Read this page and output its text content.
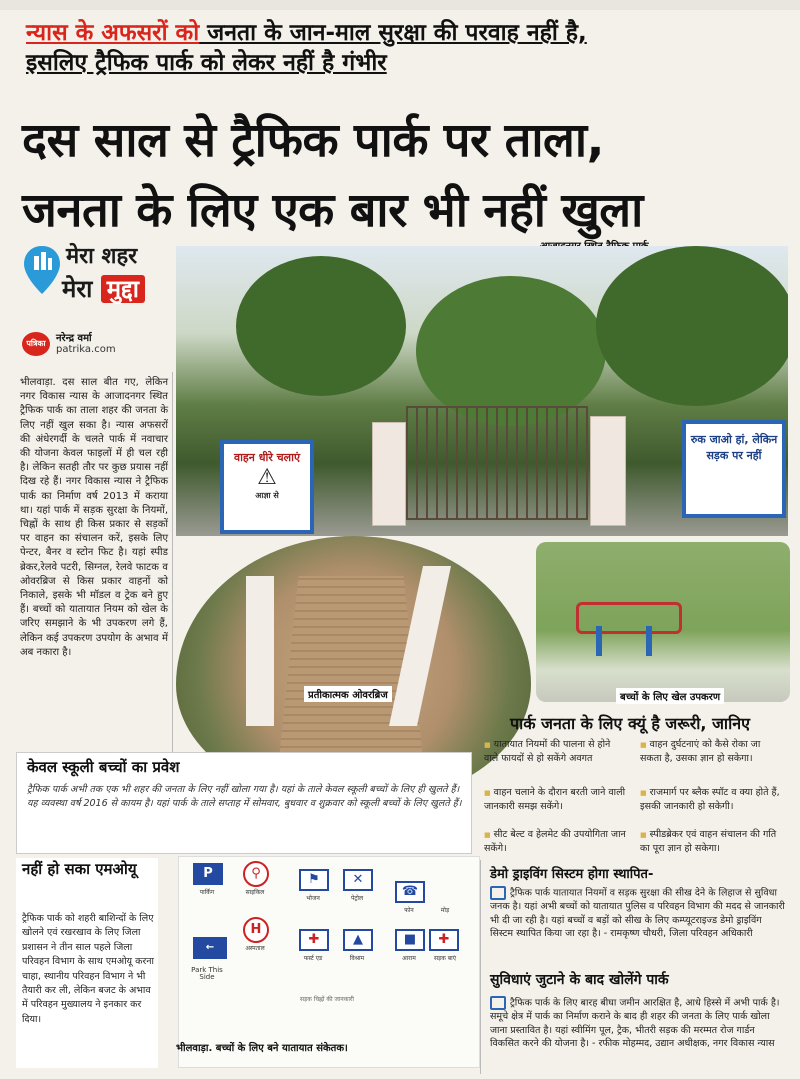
न्यास के अफसरों को जनता के जान-माल सुरक्षा की परवाह नहीं है,
इसलिए ट्रैफिक पार्क को लेकर नहीं है गंभीर
दस साल से ट्रैफिक पार्क पर ताला,
जनता के लिए एक बार भी नहीं खुला
मेरा शहर
मेरा मुद्दा
पत्रिका	नरेन्द्र वर्मा
patrika.com
भीलवाड़ा. दस साल बीत गए, लेकिन नगर विकास न्यास के आजादनगर स्थित ट्रैफिक पार्क का ताला शहर की जनता के लिए नहीं खुल सका है। न्यास अफसरों की अंधेरगर्दी के चलते पार्क में नवाचार की योजना केवल फाइलों में ही चल रही है। लेकिन सतही तौर पर कुछ प्रयास नहीं दिख रहे हैं। नगर विकास न्यास ने ट्रैफिक पार्क का निर्माण वर्ष 2013 में कराया था। यहां पार्क में सड़क सुरक्षा के नियमों, चिह्नों के साथ ही किस प्रकार से सड़कों पर वाहन का संचालन करें, इसके लिए पेन्टर, बैनर व स्टोन फिट है। यहां स्पीड ब्रेकर,रेलवे पटरी, सिग्नल, रेलवे फाटक व ओवरब्रिज से किस प्रकार वाहनों को निकाले, इसके भी मॉडल व ट्रेक बने हुए हैं। बच्चों को यातायात नियम को खेल के जरिए समझाने के भी उपकरण लगे हैं, लेकिन कई उपकरण उपयोग के अभाव में अब नकारा है।
वाहन धीरे चलाएं
⚠
आज्ञा से
रुक जाओ हां, लेकिन सड़क पर नहीं
प्रतीकात्मक ओवरब्रिज	बच्चों के लिए खेल उपकरण
पार्क जनता के लिए क्यूं है जरूरी, जानिए
■ यातायात नियमों की पालना से होने वाले फायदों से हो सकेंगे अवगत
■ वाहन दुर्घटनाएं को कैसे रोका जा सकता है, उसका ज्ञान हो सकेगा।
■ वाहन चलाने के दौरान बरती जाने वाली जानकारी समझ सकेंगे।
■ राजमार्ग पर ब्लैक स्पॉट व क्या होते हैं, इसकी जानकारी हो सकेगी।
■ सीट बेल्ट व हेलमेट की उपयोगिता जान सकेंगे।
■ स्पीडब्रेकर एवं वाहन संचालन की गति का पूरा ज्ञान हो सकेगा।
केवल स्कूली बच्चों का प्रवेश
ट्रैफिक पार्क अभी तक एक भी शहर की जनता के लिए नहीं खोला गया है। यहां के ताले केवल स्कूली बच्चों के लिए ही खुलते हैं। यह व्यवस्था वर्ष 2016 से कायम है। यहां पार्क के ताले सप्ताह में सोमवार, बुधवार व शुक्रवार को स्कूली बच्चों के लिए खुलते हैं।
नहीं हो सका एमओयू
ट्रैफिक पार्क को शहरी बाशिन्दों के लिए खोलने एवं रखरखाव के लिए जिला प्रशासन ने तीन साल पहले जिला परिवहन विभाग के साथ एमओयू करना चाहा, स्थानीय परिवहन विभाग ने भी तैयारी कर ली, लेकिन बजट के अभाव में परिवहन मुख्यालय ने इनकार कर दिया।
P
पार्किंग
⚲
साइकिल
⚑
भोजन
✕
पेट्रोल	☎
फोन
←
Park This Side
H
अस्पताल
✚
फर्स्ट एड
▲
विश्राम
■
आराम
✚
सड़क बाएं
मोड़
सड़क चिह्नों की जानकारी
भीलवाड़ा. बच्चों के लिए बने यातायात संकेतक।
डेमो ड्राइविंग सिस्टम होगा स्थापित-
ट्रैफिक पार्क यातायात नियमों व सड़क सुरक्षा की सीख देने के लिहाज से सुविधा जनक है। यहां अभी बच्चों को यातायात पुलिस व परिवहन विभाग की मदद से जानकारी भी दी जा रही है। यहां बच्चों व बड़ों को सीख के लिए कम्प्यूटराइज्ड डेमो ड्राइविंग सिस्टम स्थापित किया जा रहा है। - रामकृष्ण चौधरी, जिला परिवहन अधिकारी
सुविधाएं जुटाने के बाद खोलेंगे पार्क
ट्रैफिक पार्क के लिए बारह बीघा जमीन आरक्षित है, आधे हिस्से में अभी पार्क है। समूचे क्षेत्र में पार्क का निर्माण कराने के बाद ही शहर की जनता के लिए पार्क खोला जाना प्रस्तावित है। यहां स्वीमिंग पूल, ट्रैक, भीतरी सड़क की मरम्मत रोज गार्डन विकसित करने की योजना है। - रफीक मोहम्मद, उद्यान अधीक्षक, नगर विकास न्यास
